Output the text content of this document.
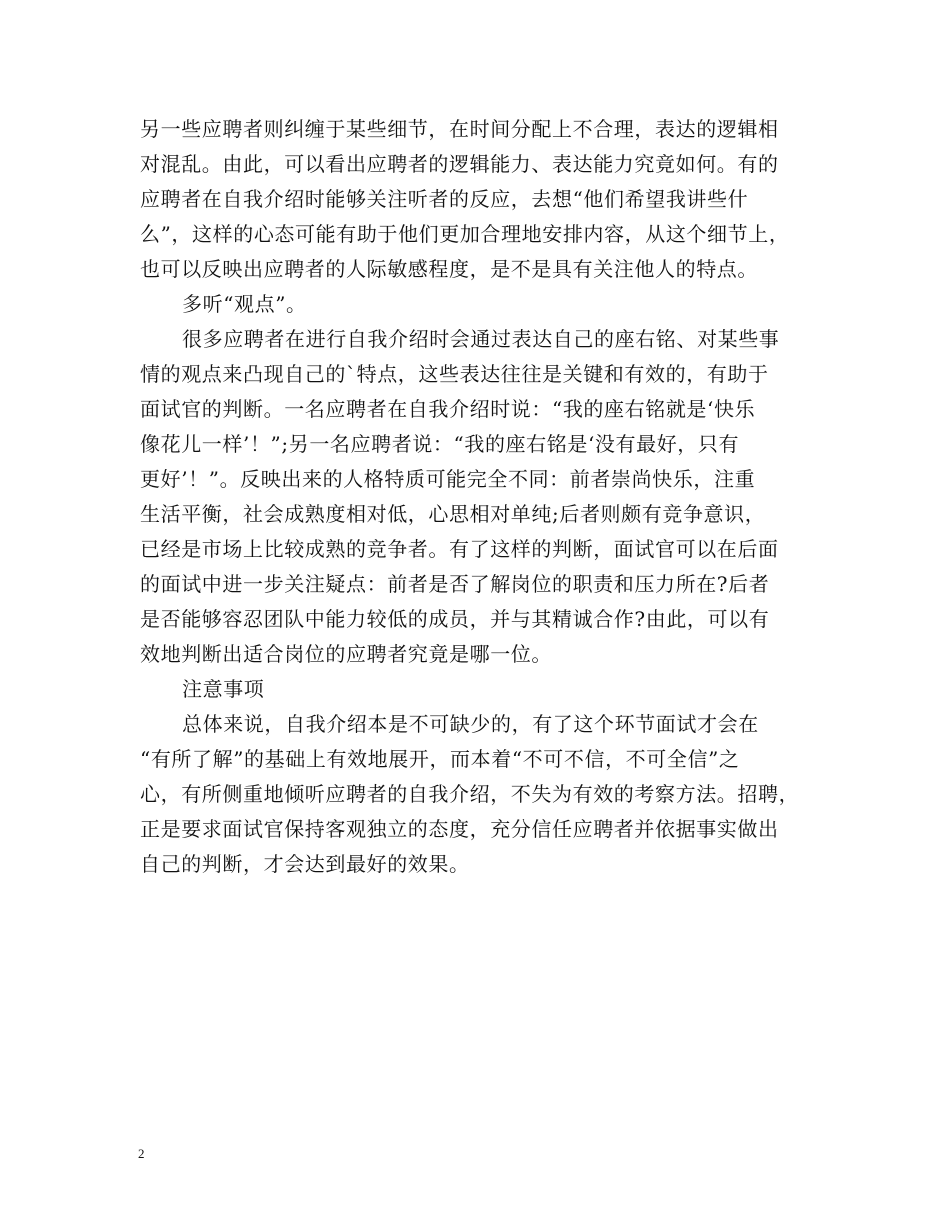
另一些应聘者则纠缠于某些细节，在时间分配上不合理，表达的逻辑相
对混乱。由此，可以看出应聘者的逻辑能力、表达能力究竟如何。有的
应聘者在自我介绍时能够关注听者的反应，去想“他们希望我讲些什
么”，这样的心态可能有助于他们更加合理地安排内容，从这个细节上，
也可以反映出应聘者的人际敏感程度，是不是具有关注他人的特点。
多听“观点”。
很多应聘者在进行自我介绍时会通过表达自己的座右铭、对某些事
情的观点来凸现自己的`特点，这些表达往往是关键和有效的，有助于
面试官的判断。一名应聘者在自我介绍时说：“我的座右铭就是‘快乐
像花儿一样’！”;另一名应聘者说：“我的座右铭是‘没有最好，只有
更好’！”。反映出来的人格特质可能完全不同：前者崇尚快乐，注重
生活平衡，社会成熟度相对低，心思相对单纯;后者则颇有竞争意识，
已经是市场上比较成熟的竞争者。有了这样的判断，面试官可以在后面
的面试中进一步关注疑点：前者是否了解岗位的职责和压力所在?后者
是否能够容忍团队中能力较低的成员，并与其精诚合作?由此，可以有
效地判断出适合岗位的应聘者究竟是哪一位。
注意事项
总体来说，自我介绍本是不可缺少的，有了这个环节面试才会在
“有所了解”的基础上有效地展开，而本着“不可不信，不可全信”之
心，有所侧重地倾听应聘者的自我介绍，不失为有效的考察方法。招聘，
正是要求面试官保持客观独立的态度，充分信任应聘者并依据事实做出
自己的判断，才会达到最好的效果。
2
